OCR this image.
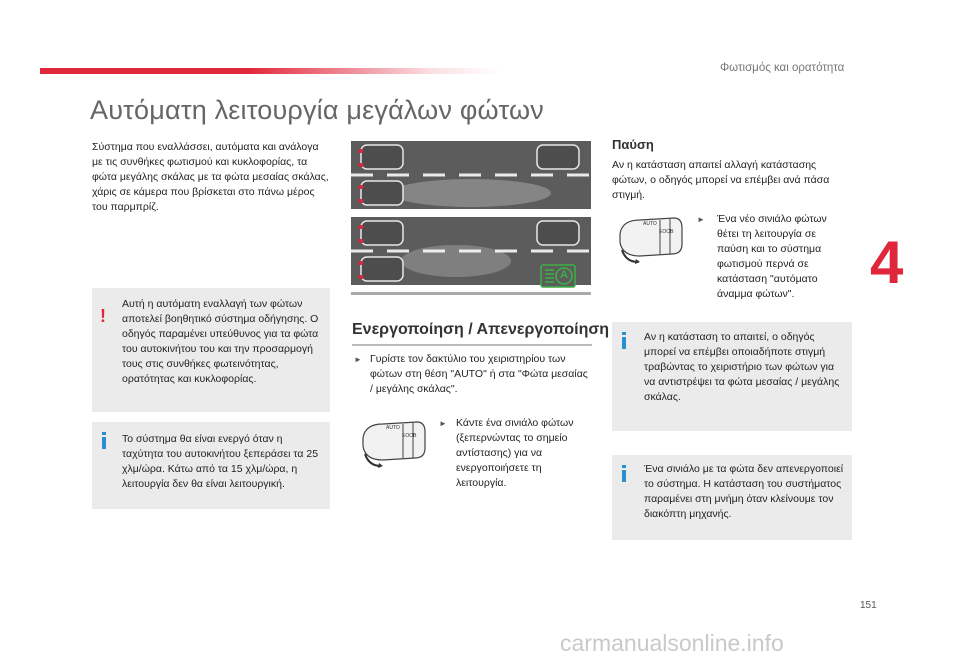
Φωτισμός και ορατότητα
Αυτόματη λειτουργία μεγάλων φώτων
4
Σύστημα που εναλλάσσει, αυτόματα και ανάλογα με τις συνθήκες φωτισμού και κυκλοφορίας, τα φώτα μεγάλης σκάλας με τα φώτα μεσαίας σκάλας, χάρις σε κάμερα που βρίσκεται στο πάνω μέρος του παρμπρίζ.
!
Αυτή η αυτόματη εναλλαγή των φώτων αποτελεί βοηθητικό σύστημα οδήγησης. Ο οδηγός παραμένει υπεύθυνος για τα φώτα του αυτοκινήτου του και την προσαρμογή τους στις συνθήκες φωτεινότητας, ορατότητας και κυκλοφορίας.
Το σύστημα θα είναι ενεργό όταν η ταχύτητα του αυτοκινήτου ξεπεράσει τα 25 χλμ/ώρα. Κάτω από τα 15 χλμ/ώρα, η λειτουργία δεν θα είναι λειτουργική.
A
Ενεργοποίηση / Απενεργοποίηση
► Γυρίστε τον δακτύλιο του χειριστηρίου των φώτων στη θέση "AUTO" ή στα "Φώτα μεσαίας / μεγάλης σκάλας".
AUTO
ΕΟΟΒ
► Κάντε ένα σινιάλο φώτων (ξεπερνώντας το σημείο αντίστασης) για να ενεργοποιήσετε τη λειτουργία.
Παύση
Αν η κατάσταση απαιτεί αλλαγή κατάστασης φώτων, ο οδηγός μπορεί να επέμβει ανά πάσα στιγμή.
AUTO
ΕΟΟΒ
► Ένα νέο σινιάλο φώτων θέτει τη λειτουργία σε παύση και το σύστημα φωτισμού περνά σε κατάσταση "αυτόματο άναμμα φώτων".
Αν η κατάσταση το απαιτεί, ο οδηγός μπορεί να επέμβει οποιαδήποτε στιγμή τραβώντας το χειριστήριο των φώτων για να αντιστρέψει τα φώτα μεσαίας / μεγάλης σκάλας.
Ένα σινιάλο με τα φώτα δεν απενεργοποιεί το σύστημα. Η κατάσταση του συστήματος παραμένει στη μνήμη όταν κλείνουμε τον διακόπτη μηχανής.
151
carmanualsonline.info
